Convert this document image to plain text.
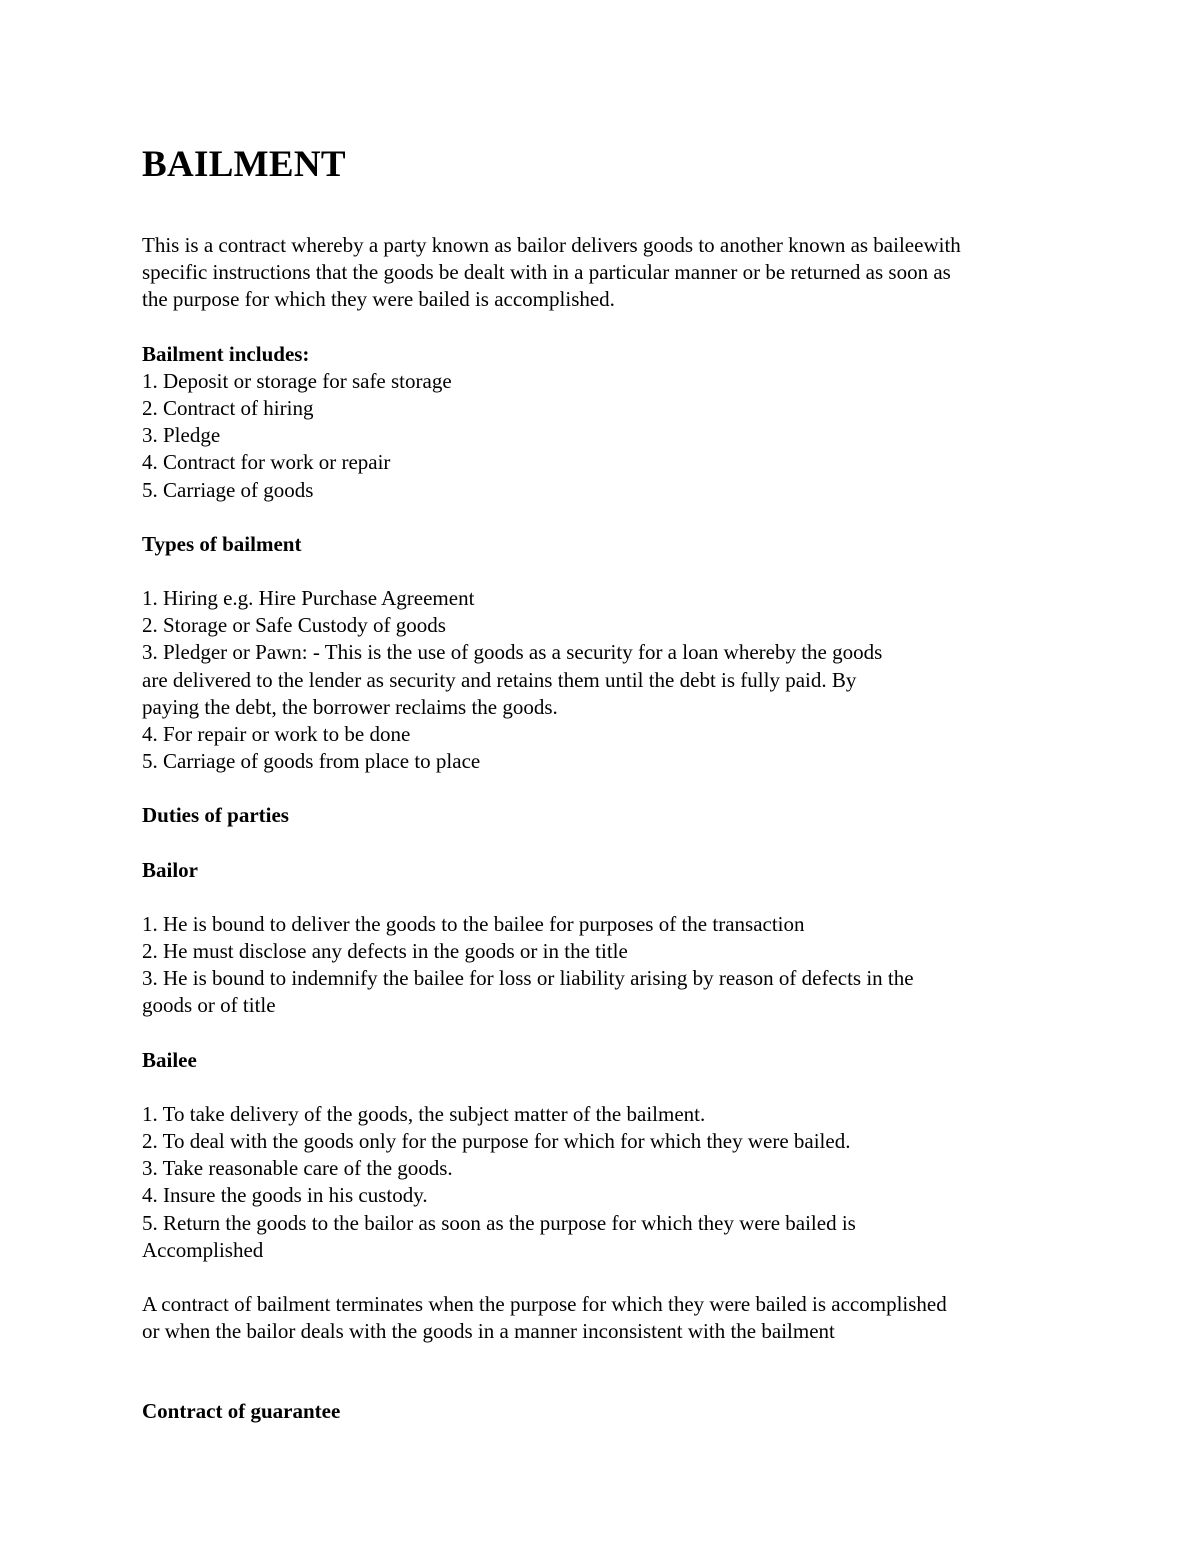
BAILMENT

This is a contract whereby a party known as bailor delivers goods to another known as baileewith

specific instructions that the goods be dealt with in a particular manner or be returned as soon as

the purpose for which they were bailed is accomplished.

Bailment includes:

1. Deposit or storage for safe storage

2. Contract of hiring

3. Pledge

4. Contract for work or repair

5. Carriage of goods

Types of bailment

1. Hiring e.g. Hire Purchase Agreement

2. Storage or Safe Custody of goods

3. Pledger or Pawn: - This is the use of goods as a security for a loan whereby the goods

are delivered to the lender as security and retains them until the debt is fully paid. By

paying the debt, the borrower reclaims the goods.

4. For repair or work to be done

5. Carriage of goods from place to place

Duties of parties

Bailor

1. He is bound to deliver the goods to the bailee for purposes of the transaction

2. He must disclose any defects in the goods or in the title

3. He is bound to indemnify the bailee for loss or liability arising by reason of defects in the

goods or of title

Bailee

1. To take delivery of the goods, the subject matter of the bailment.

2. To deal with the goods only for the purpose for which for which they were bailed.

3. Take reasonable care of the goods.

4. Insure the goods in his custody.

5. Return the goods to the bailor as soon as the purpose for which they were bailed is

Accomplished

A contract of bailment terminates when the purpose for which they were bailed is accomplished

or when the bailor deals with the goods in a manner inconsistent with the bailment

Contract of guarantee
